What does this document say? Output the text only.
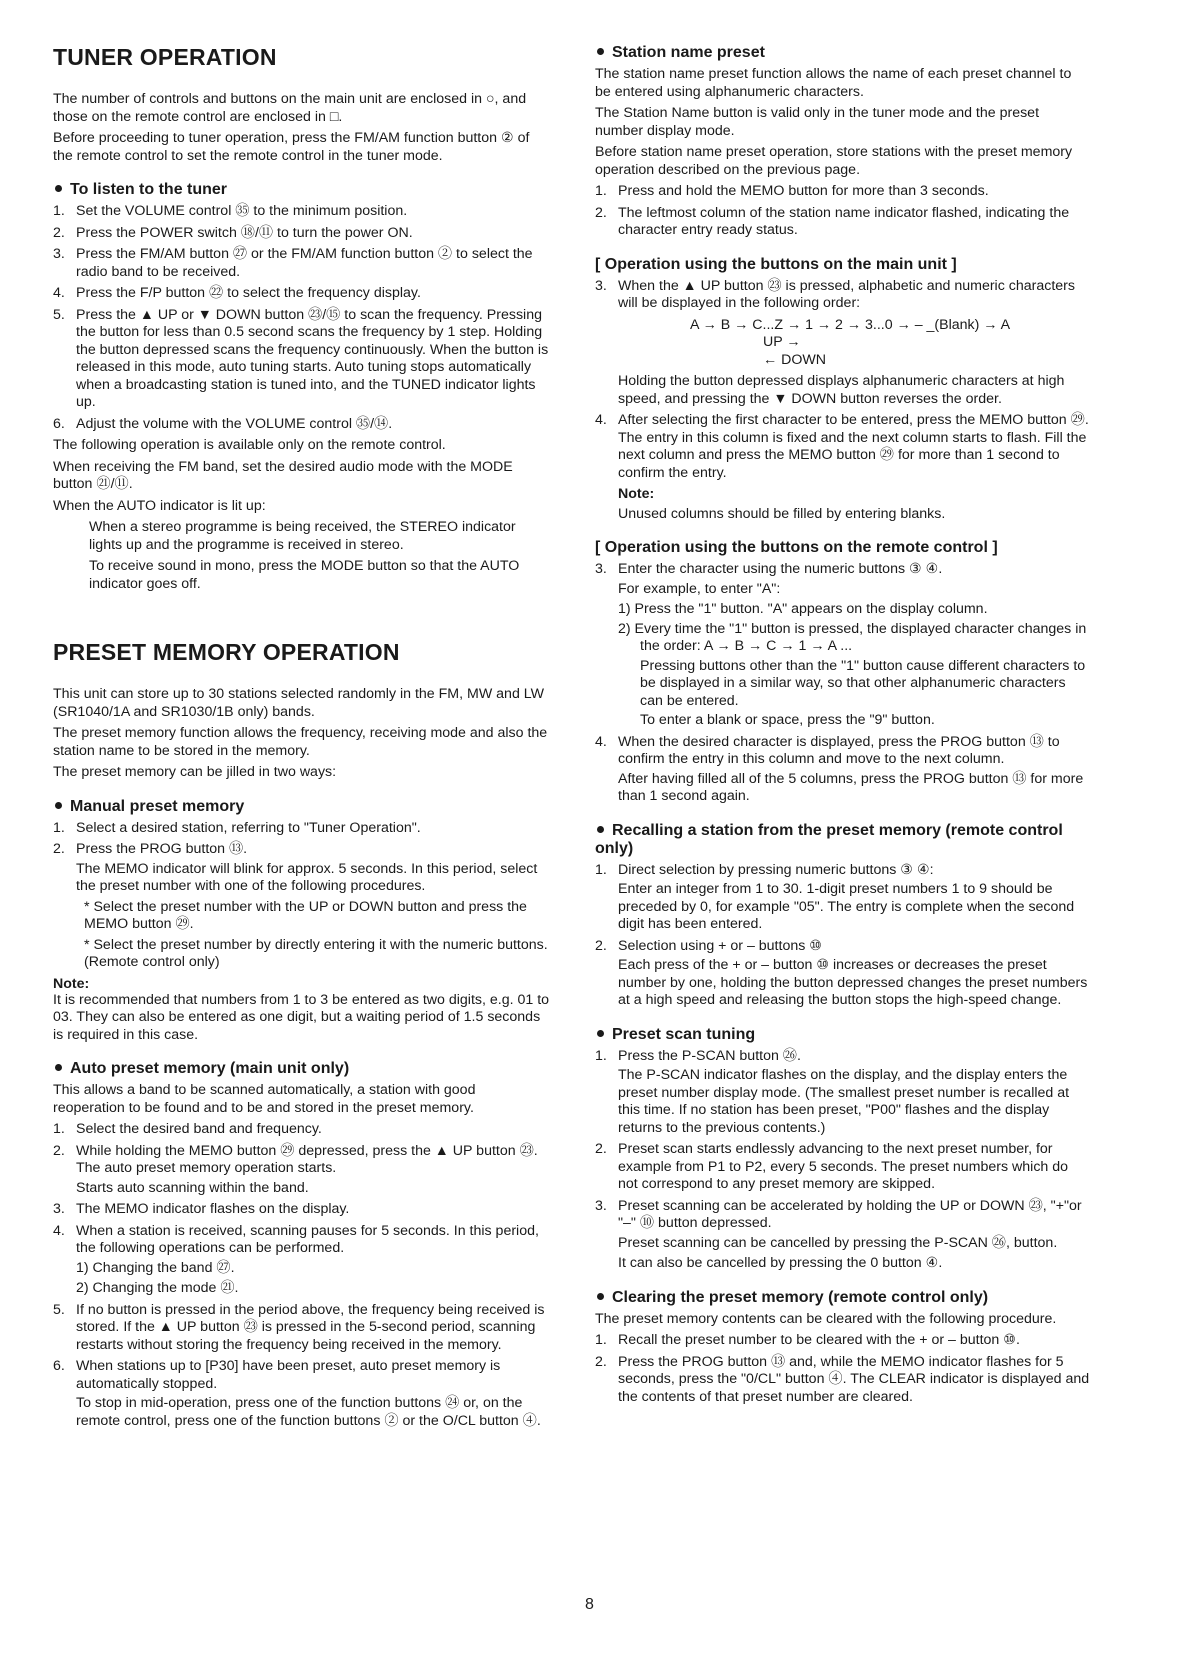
TUNER OPERATION

The number of controls and buttons on the main unit are enclosed in ○, and those on the remote control are enclosed in □.

Before proceeding to tuner operation, press the FM/AM function button ② of the remote control to set the remote control in the tuner mode.

To listen to the tuner
1. Set the VOLUME control ㉟ to the minimum position.
2. Press the POWER switch ⑱/⑪ to turn the power ON.
3. Press the FM/AM button ㉗ or the FM/AM function button ② to select the radio band to be received.
4. Press the F/P button ㉒ to select the frequency display.
5. Press the ▲ UP or ▼ DOWN button ㉓/⑮ to scan the frequency. Pressing the button for less than 0.5 second scans the frequency by 1 step. Holding the button depressed scans the frequency continuously. When the button is released in this mode, auto tuning starts. Auto tuning stops automatically when a broadcasting station is tuned into, and the TUNED indicator lights up.
6. Adjust the volume with the VOLUME control ㉟/⑭.

The following operation is available only on the remote control.

When receiving the FM band, set the desired audio mode with the MODE button ㉑/⑪.

When the AUTO indicator is lit up:

When a stereo programme is being received, the STEREO indicator lights up and the programme is received in stereo.

To receive sound in mono, press the MODE button so that the AUTO indicator goes off.

PRESET MEMORY OPERATION

This unit can store up to 30 stations selected randomly in the FM, MW and LW (SR1040/1A and SR1030/1B only) bands.

The preset memory function allows the frequency, receiving mode and also the station name to be stored in the memory.

The preset memory can be jilled in two ways:

Manual preset memory
1. Select a desired station, referring to "Tuner Operation".
2. Press the PROG button ⑬.

The MEMO indicator will blink for approx. 5 seconds. In this period, select the preset number with one of the following procedures.

* Select the preset number with the UP or DOWN button and press the MEMO button ㉙.

* Select the preset number by directly entering it with the numeric buttons. (Remote control only)

Note:

It is recommended that numbers from 1 to 3 be entered as two digits, e.g. 01 to 03. They can also be entered as one digit, but a waiting period of 1.5 seconds is required in this case.

Auto preset memory (main unit only)

This allows a band to be scanned automatically, a station with good reoperation to be found and to be and stored in the preset memory.

1. Select the desired band and frequency.
2. While holding the MEMO button ㉙ depressed, press the ▲ UP button ㉓. The auto preset memory operation starts.

Starts auto scanning within the band.

3. The MEMO indicator flashes on the display.
4. When a station is received, scanning pauses for 5 seconds. In this period, the following operations can be performed.

1) Changing the band ㉗.

2) Changing the mode ㉑.

5. If no button is pressed in the period above, the frequency being received is stored. If the ▲ UP button ㉓ is pressed in the 5-second period, scanning restarts without storing the frequency being received in the memory.
6. When stations up to [P30] have been preset, auto preset memory is automatically stopped.

To stop in mid-operation, press one of the function buttons ㉔ or, on the remote control, press one of the function buttons ② or the O/CL button ④.

Station name preset

The station name preset function allows the name of each preset channel to be entered using alphanumeric characters.

The Station Name button is valid only in the tuner mode and the preset number display mode.

Before station name preset operation, store stations with the preset memory operation described on the previous page.

1. Press and hold the MEMO button for more than 3 seconds.
2. The leftmost column of the station name indicator flashed, indicating the character entry ready status.
[ Operation using the buttons on the main unit ]
3. When the ▲ UP button ㉓ is pressed, alphabetic and numeric characters will be displayed in the following order:
A → B → C...Z → 1 → 2 → 3...0 → – _(Blank) → A
UP →
← DOWN

Holding the button depressed displays alphanumeric characters at high speed, and pressing the ▼ DOWN button reverses the order.

4. After selecting the first character to be entered, press the MEMO button ㉙. The entry in this column is fixed and the next column starts to flash. Fill the next column and press the MEMO button ㉙ for more than 1 second to confirm the entry.
Note:

Unused columns should be filled by entering blanks.

[ Operation using the buttons on the remote control ]
3. Enter the character using the numeric buttons ③ ④.

For example, to enter "A":

1) Press the "1" button. "A" appears on the display column.
2) Every time the "1" button is pressed, the displayed character changes in the order: A → B → C → 1 → A ...
Pressing buttons other than the "1" button cause different characters to be displayed in a similar way, so that other alphanumeric characters can be entered.
To enter a blank or space, press the "9" button.
4. When the desired character is displayed, press the PROG button ⑬ to confirm the entry in this column and move to the next column.

After having filled all of the 5 columns, press the PROG button ⑬ for more than 1 second again.

Recalling a station from the preset memory (remote control only)
1. Direct selection by pressing numeric buttons ③ ④:

Enter an integer from 1 to 30. 1-digit preset numbers 1 to 9 should be preceded by 0, for example "05". The entry is complete when the second digit has been entered.

2. Selection using + or – buttons ⑩

Each press of the + or – button ⑩ increases or decreases the preset number by one, holding the button depressed changes the preset numbers at a high speed and releasing the button stops the high-speed change.

Preset scan tuning
1. Press the P-SCAN button ㉖.

The P-SCAN indicator flashes on the display, and the display enters the preset number display mode. (The smallest preset number is recalled at this time. If no station has been preset, "P00" flashes and the display returns to the previous contents.)

2. Preset scan starts endlessly advancing to the next preset number, for example from P1 to P2, every 5 seconds. The preset numbers which do not correspond to any preset memory are skipped.
3. Preset scanning can be accelerated by holding the UP or DOWN ㉓, "+"or "–" ⑩ button depressed.

Preset scanning can be cancelled by pressing the P-SCAN ㉖, button.

It can also be cancelled by pressing the 0 button ④.

Clearing the preset memory (remote control only)

The preset memory contents can be cleared with the following procedure.

1. Recall the preset number to be cleared with the + or – button ⑩.
2. Press the PROG button ⑬ and, while the MEMO indicator flashes for 5 seconds, press the "0/CL" button ④. The CLEAR indicator is displayed and the contents of that preset number are cleared.
8
